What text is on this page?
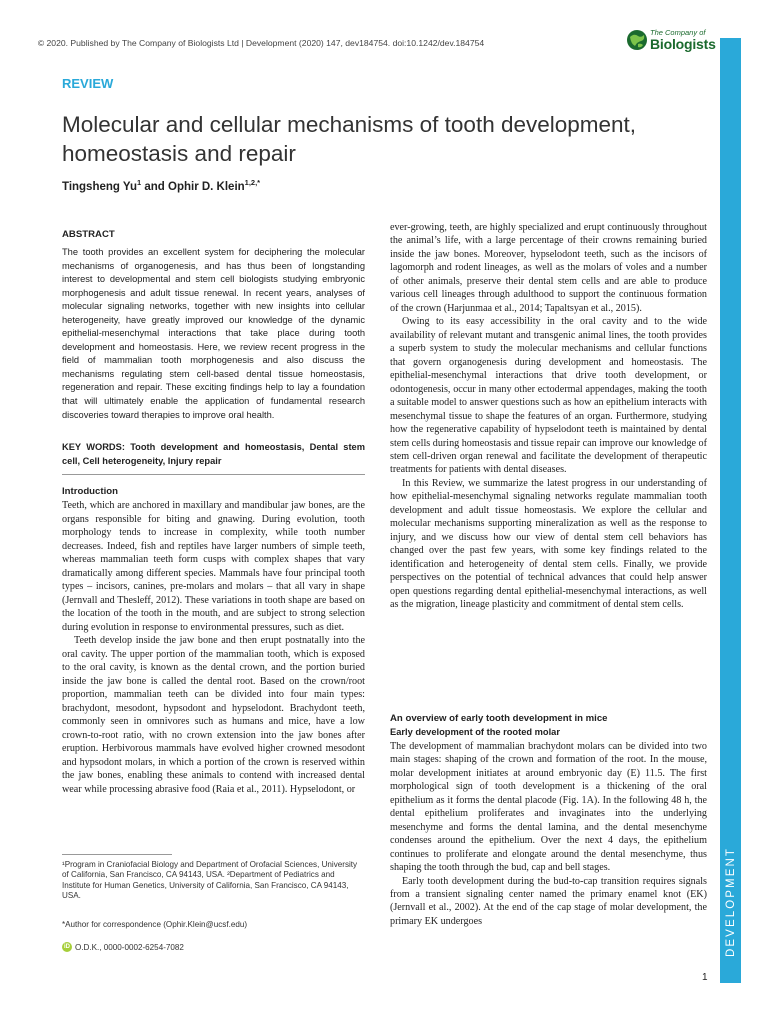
© 2020. Published by The Company of Biologists Ltd | Development (2020) 147, dev184754. doi:10.1242/dev.184754
The Company of
Biologists
DEVELOPMENT
REVIEW
Molecular and cellular mechanisms of tooth development, homeostasis and repair
Tingsheng Yu$^1$ and Ophir D. Klein$^{1,2,*}$
ABSTRACT
The tooth provides an excellent system for deciphering the molecular mechanisms of organogenesis, and has thus been of longstanding interest to developmental and stem cell biologists studying embryonic morphogenesis and adult tissue renewal. In recent years, analyses of molecular signaling networks, together with new insights into cellular heterogeneity, have greatly improved our knowledge of the dynamic epithelial-mesenchymal interactions that take place during tooth development and homeostasis. Here, we review recent progress in the field of mammalian tooth morphogenesis and also discuss the mechanisms regulating stem cell-based dental tissue homeostasis, regeneration and repair. These exciting findings help to lay a foundation that will ultimately enable the application of fundamental research discoveries toward therapies to improve oral health.
KEY WORDS: Tooth development and homeostasis, Dental stem cell, Cell heterogeneity, Injury repair
Introduction

Teeth, which are anchored in maxillary and mandibular jaw bones, are the organs responsible for biting and gnawing. During evolution, tooth morphology tends to increase in complexity, while tooth number decreases. Indeed, fish and reptiles have larger numbers of simple teeth, whereas mammalian teeth form cusps with complex shapes that vary dramatically among different species. Mammals have four principal tooth types – incisors, canines, pre-molars and molars – that all vary in shape (Jernvall and Thesleff, 2012). These variations in tooth shape are based on the location of the tooth in the mouth, and are subject to strong selection during evolution in response to environmental pressures, such as diet.

Teeth develop inside the jaw bone and then erupt postnatally into the oral cavity. The upper portion of the mammalian tooth, which is exposed to the oral cavity, is known as the dental crown, and the portion buried inside the jaw bone is called the dental root. Based on the crown/root proportion, mammalian teeth can be divided into four main types: brachydont, mesodont, hypsodont and hypselodont. Brachydont teeth, commonly seen in omnivores such as humans and mice, have a low crown-to-root ratio, with no crown extension into the jaw bones after eruption. Herbivorous mammals have evolved higher crowned mesodont and hypsodont molars, in which a portion of the crown is reserved within the jaw bones, enabling these animals to contend with increased dental wear while processing abrasive food (Raia et al., 2011). Hypselodont, or

¹Program in Craniofacial Biology and Department of Orofacial Sciences, University of California, San Francisco, CA 94143, USA. ²Department of Pediatrics and Institute for Human Genetics, University of California, San Francisco, CA 94143, USA.
*Author for correspondence (Ophir.Klein@ucsf.edu)
iD O.D.K., 0000-0002-6254-7082

ever-growing, teeth, are highly specialized and erupt continuously throughout the animal’s life, with a large percentage of their crowns remaining buried inside the jaw bones. Moreover, hypselodont teeth, such as the incisors of lagomorph and rodent lineages, as well as the molars of voles and a number of other animals, preserve their dental stem cells and are able to produce various cell lineages through adulthood to support the continuous formation of the crown (Harjunmaa et al., 2014; Tapaltsyan et al., 2015).

Owing to its easy accessibility in the oral cavity and to the wide availability of relevant mutant and transgenic animal lines, the tooth provides a superb system to study the molecular mechanisms and cellular functions that govern organogenesis during development and homeostasis. The epithelial-mesenchymal interactions that drive tooth development, or odontogenesis, occur in many other ectodermal appendages, making the tooth a suitable model to answer questions such as how an epithelium interacts with mesenchymal tissue to shape the features of an organ. Furthermore, studying how the regenerative capability of hypselodont teeth is maintained by dental stem cells during homeostasis and tissue repair can improve our knowledge of stem cell-driven organ renewal and facilitate the development of therapeutic treatments for patients with dental diseases.

In this Review, we summarize the latest progress in our understanding of how epithelial-mesenchymal signaling networks regulate mammalian tooth development and adult tissue homeostasis. We explore the cellular and molecular mechanisms supporting mineralization as well as the response to injury, and we discuss how our view of dental stem cell behaviors has changed over the past few years, with some key findings related to the identification and heterogeneity of dental stem cells. Finally, we provide perspectives on the potential of technical advances that could help answer open questions regarding dental epithelial-mesenchymal interactions, as well as the migration, lineage plasticity and commitment of dental stem cells.

An overview of early tooth development in mice
Early development of the rooted molar

The development of mammalian brachydont molars can be divided into two main stages: shaping of the crown and formation of the root. In the mouse, molar development initiates at around embryonic day (E) 11.5. The first morphological sign of tooth development is a thickening of the oral epithelium as it forms the dental placode (Fig. 1A). In the following 48 h, the dental epithelium proliferates and invaginates into the underlying mesenchyme and forms the dental lamina, and the dental mesenchyme condenses around the epithelium. Over the next 4 days, the epithelium continues to proliferate and elongate around the dental mesenchyme, thus shaping the tooth through the bud, cap and bell stages.

Early tooth development during the bud-to-cap transition requires signals from a transient signaling center named the primary enamel knot (EK) (Jernvall et al., 2002). At the end of the cap stage of molar development, the primary EK undergoes

1
